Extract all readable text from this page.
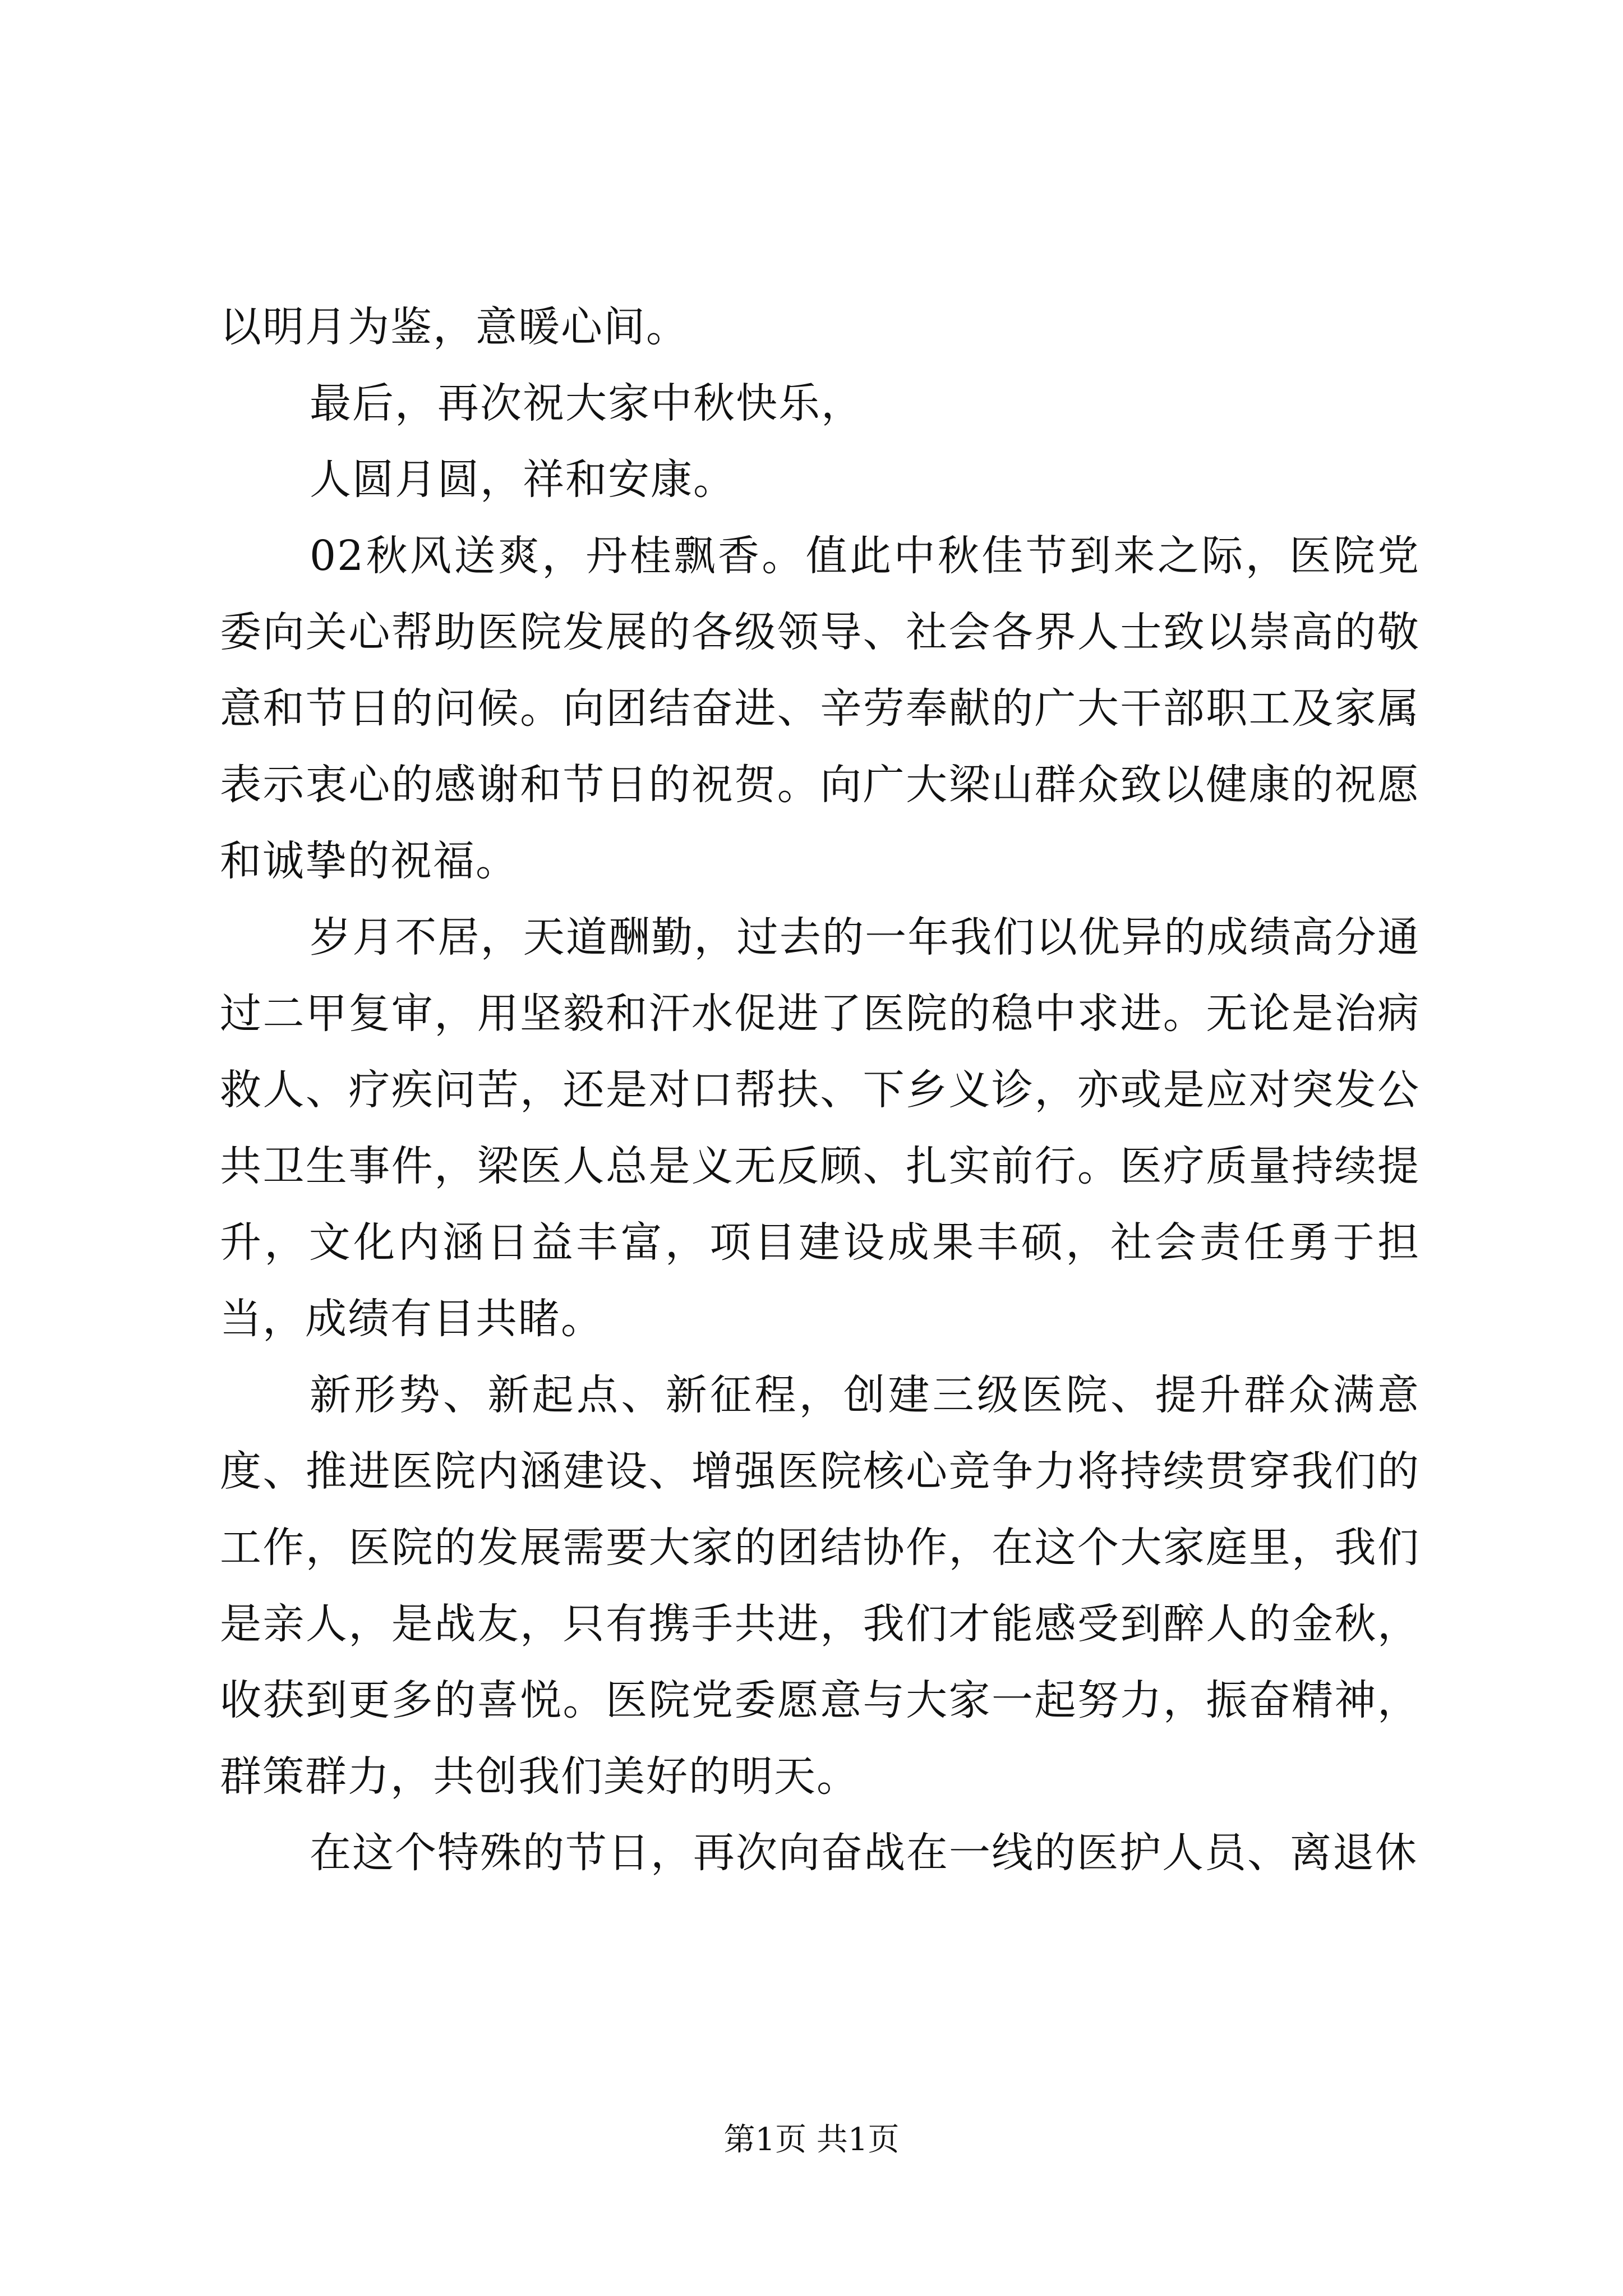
以明月为鉴，意暖心间。

最后，再次祝大家中秋快乐，

人圆月圆，祥和安康。

02秋风送爽，丹桂飘香。值此中秋佳节到来之际，医院党委向关心帮助医院发展的各级领导、社会各界人士致以崇高的敬意和节日的问候。向团结奋进、辛劳奉献的广大干部职工及家属表示衷心的感谢和节日的祝贺。向广大梁山群众致以健康的祝愿和诚挚的祝福。

岁月不居，天道酬勤，过去的一年我们以优异的成绩高分通过二甲复审，用坚毅和汗水促进了医院的稳中求进。无论是治病救人、疗疾问苦，还是对口帮扶、下乡义诊，亦或是应对突发公共卫生事件，梁医人总是义无反顾、扎实前行。医疗质量持续提升，文化内涵日益丰富，项目建设成果丰硕，社会责任勇于担当，成绩有目共睹。

新形势、新起点、新征程，创建三级医院、提升群众满意度、推进医院内涵建设、增强医院核心竞争力将持续贯穿我们的工作，医院的发展需要大家的团结协作，在这个大家庭里，我们是亲人，是战友，只有携手共进，我们才能感受到醉人的金秋，收获到更多的喜悦。医院党委愿意与大家一起努力，振奋精神，群策群力，共创我们美好的明天。

在这个特殊的节日，再次向奋战在一线的医护人员、离退休

第1页 共1页
